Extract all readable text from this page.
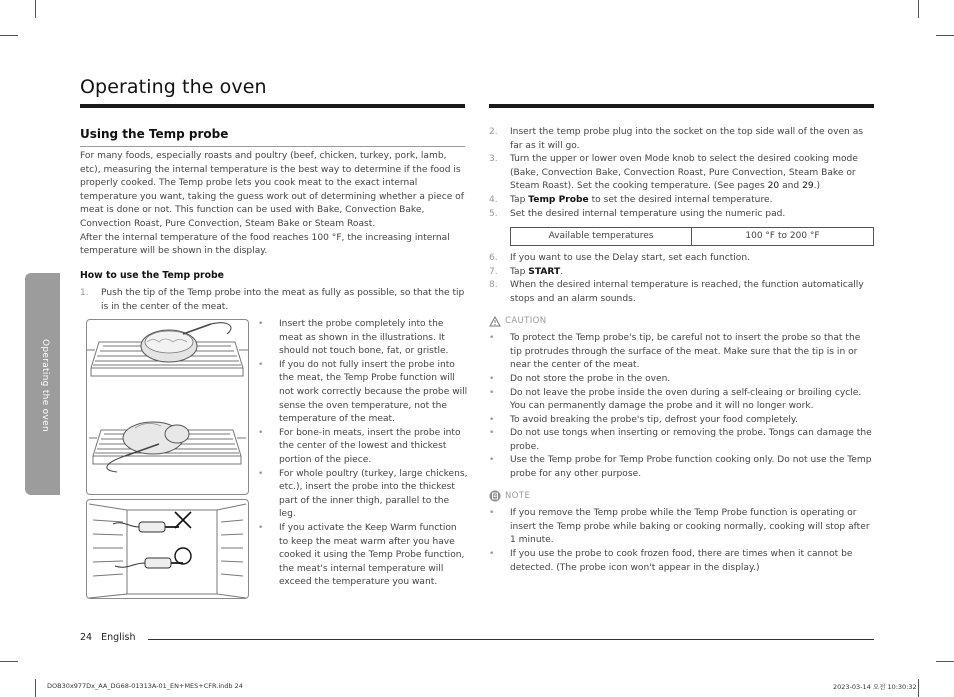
Operating the oven
Operating the oven
Using the Temp probe

For many foods, especially roasts and poultry (beef, chicken, turkey, pork, lamb, etc), measuring the internal temperature is the best way to determine if the food is properly cooked. The Temp probe lets you cook meat to the exact internal temperature you want, taking the guess work out of determining whether a piece of meat is done or not. This function can be used with Bake, Convection Bake, Convection Roast, Pure Convection, Steam Bake or Steam Roast.

After the internal temperature of the food reaches 100 °F, the increasing internal temperature will be shown in the display.

How to use the Temp probe
1.	Push the tip of the Temp probe into the meat as fully as possible, so that the tip is in the center of the meat.
•	Insert the probe completely into the meat as shown in the illustrations. It should not touch bone, fat, or gristle.
•	If you do not fully insert the probe into the meat, the Temp Probe function will not work correctly because the probe will sense the oven temperature, not the temperature of the meat.
•	For bone-in meats, insert the probe into the center of the lowest and thickest portion of the piece.
•	For whole poultry (turkey, large chickens, etc.), insert the probe into the thickest part of the inner thigh, parallel to the leg.
•	If you activate the Keep Warm function to keep the meat warm after you have cooked it using the Temp Probe function, the meat's internal temperature will exceed the temperature you want.
2.	Insert the temp probe plug into the socket on the top side wall of the oven as far as it will go.
3.	Turn the upper or lower oven Mode knob to select the desired cooking mode (Bake, Convection Bake, Convection Roast, Pure Convection, Steam Bake or Steam Roast). Set the cooking temperature. (See pages 20 and 29.)
4.	Tap Temp Probe to set the desired internal temperature.
5.	Set the desired internal temperature using the numeric pad.
Available temperatures	100 °F to 200 °F
6.	If you want to use the Delay start, set each function.
7.	Tap START.
8.	When the desired internal temperature is reached, the function automatically stops and an alarm sounds.
CAUTION
•	To protect the Temp probe's tip, be careful not to insert the probe so that the tip protrudes through the surface of the meat. Make sure that the tip is in or near the center of the meat.
•	Do not store the probe in the oven.
•	Do not leave the probe inside the oven during a self-cleaing or broiling cycle. You can permanently damage the probe and it will no longer work.
•	To avoid breaking the probe's tip, defrost your food completely.
•	Do not use tongs when inserting or removing the probe. Tongs can damage the probe.
•	Use the Temp probe for Temp Probe function cooking only. Do not use the Temp probe for any other purpose.
NOTE
•	If you remove the Temp probe while the Temp Probe function is operating or insert the Temp probe while baking or cooking normally, cooking will stop after 1 minute.
•	If you use the probe to cook frozen food, there are times when it cannot be detected. (The probe icon won't appear in the display.)
24 English
DOB30x977Dx_AA_DG68-01313A-01_EN+MES+CFR.indb 24	2023-03-14 오전 10:30:32
